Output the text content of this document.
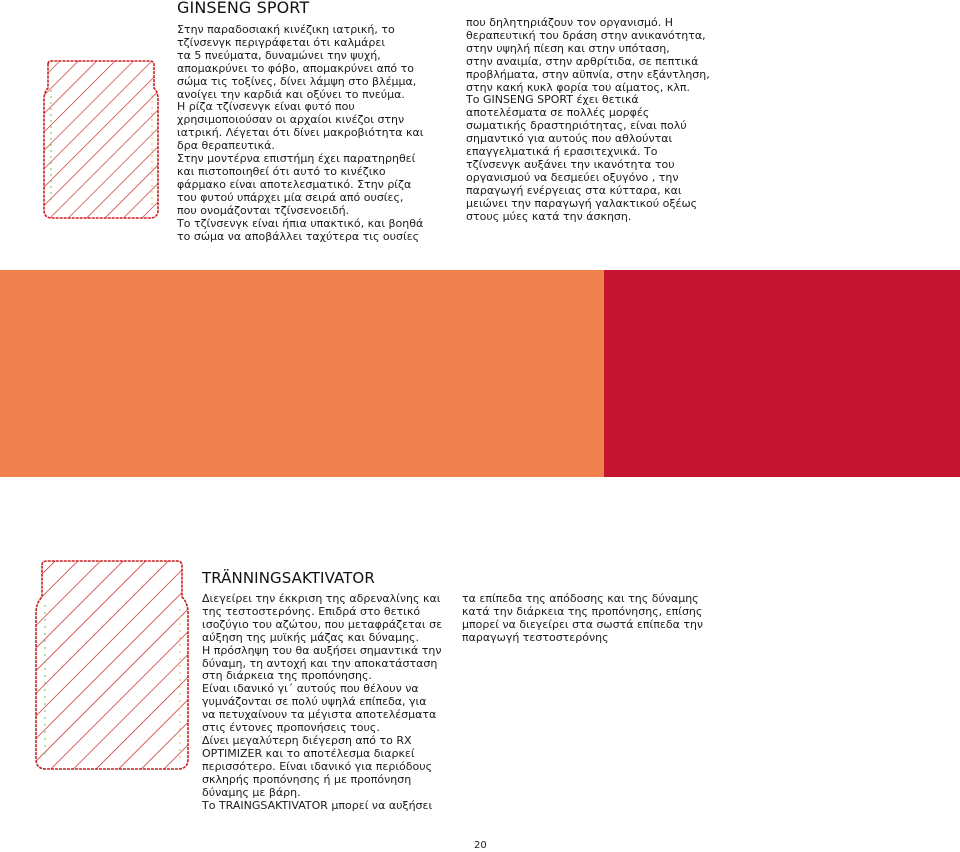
GINSENG SPORT

Στην παραδοσιακή κινέζικη ιατρική, το

τζίνσενγκ περιγράφεται ότι καλμάρει

τα 5 πνεύματα, δυναμώνει την ψυχή,

απομακρύνει το φόβο, απομακρύνει από το

σώμα τις τοξίνες, δίνει λάμψη στο βλέμμα,

ανοίγει την καρδιά και οξύνει το πνεύμα.

Η ρίζα τζίνσενγκ είναι φυτό που

χρησιμοποιούσαν οι αρχαίοι κινέζοι στην

ιατρική. Λέγεται ότι δίνει μακροβιότητα και

δρα θεραπευτικά.

Στην μοντέρνα επιστήμη έχει παρατηρηθεί

και πιστοποιηθεί ότι αυτό το κινέζικο

φάρμακο είναι αποτελεσματικό. Στην ρίζα

του φυτού υπάρχει μία σειρά από ουσίες,

που ονομάζονται τζίνσενοειδή.

Το τζίνσενγκ είναι ήπια υπακτικό, και βοηθά

το σώμα να αποβάλλει ταχύτερα τις ουσίες

που δηλητηριάζουν τον οργανισμό. Η

θεραπευτική του δράση στην ανικανότητα,

στην υψηλή πίεση και στην υπόταση,

στην αναιμία, στην αρθρίτιδα, σε πεπτικά

προβλήματα, στην αϋπνία, στην εξάντληση,

στην κακή κυκλ φορία του αίματος, κλπ.

Το GINSENG SPORT έχει θετικά

αποτελέσματα σε πολλές μορφές

σωματικής δραστηριότητας, είναι πολύ

σημαντικό για αυτούς που αθλούνται

επαγγελματικά ή ερασιτεχνικά. Το

τζίνσενγκ αυξάνει την ικανότητα του

οργανισμού να δεσμεύει οξυγόνο , την

παραγωγή ενέργειας στα κύτταρα, και

μειώνει την παραγωγή γαλακτικού οξέως

στους μύες κατά την άσκηση.

TRÄNNINGSAKTIVATOR

Διεγείρει την έκκριση της αδρεναλίνης και

της τεστοστερόνης. Επιδρά στο θετικό

ισοζύγιο του αζώτου, που μεταφράζεται σε

αύξηση της μυϊκής μάζας και δύναμης.

Η πρόσληψη του θα αυξήσει σημαντικά την

δύναμη, τη αντοχή και την αποκατάσταση

στη διάρκεια της προπόνησης.

Είναι ιδανικό γι΄ αυτούς που θέλουν να

γυμνάζονται σε πολύ υψηλά επίπεδα, για

να πετυχαίνουν τα μέγιστα αποτελέσματα

στις έντονες προπονήσεις τους.

Δίνει μεγαλύτερη διέγερση από το RX

OPTIMIZER και το αποτέλεσμα διαρκεί

περισσότερο. Είναι ιδανικό για περιόδους

σκληρής προπόνησης ή με προπόνηση

δύναμης με βάρη.

Το TRAINGSAKTIVATOR μπορεί να αυξήσει

τα επίπεδα της απόδοσης και της δύναμης

κατά την διάρκεια της προπόνησης, επίσης

μπορεί να διεγείρει στα σωστά επίπεδα την

παραγωγή τεστοστερόνης

20
